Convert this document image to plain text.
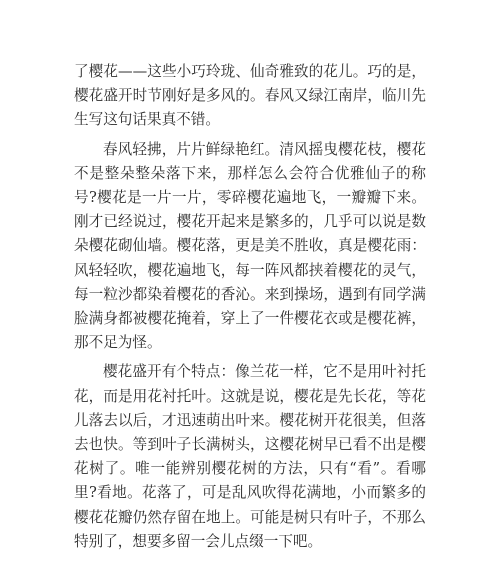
了樱花——这些小巧玲珑、仙奇雅致的花儿。巧的是，樱花盛开时节刚好是多风的。春风又绿江南岸，临川先生写这句话果真不错。

春风轻拂，片片鲜绿艳红。清风摇曳樱花枝，樱花不是整朵整朵落下来，那样怎么会符合优雅仙子的称号?樱花是一片一片，零碎樱花遍地飞，一瓣瓣下来。刚才已经说过，樱花开起来是繁多的，几乎可以说是数朵樱花砌仙墙。樱花落，更是美不胜收，真是樱花雨：风轻轻吹，樱花遍地飞，每一阵风都挟着樱花的灵气，每一粒沙都染着樱花的香沁。来到操场，遇到有同学满脸满身都被樱花掩着，穿上了一件樱花衣或是樱花裤，那不足为怪。

樱花盛开有个特点：像兰花一样，它不是用叶衬托花，而是用花衬托叶。这就是说，樱花是先长花，等花儿落去以后，才迅速萌出叶来。樱花树开花很美，但落去也快。等到叶子长满树头，这樱花树早已看不出是樱花树了。唯一能辨别樱花树的方法，只有“看”。看哪里?看地。花落了，可是乱风吹得花满地，小而繁多的樱花花瓣仍然存留在地上。可能是树只有叶子，不那么特别了，想要多留一会儿点缀一下吧。
